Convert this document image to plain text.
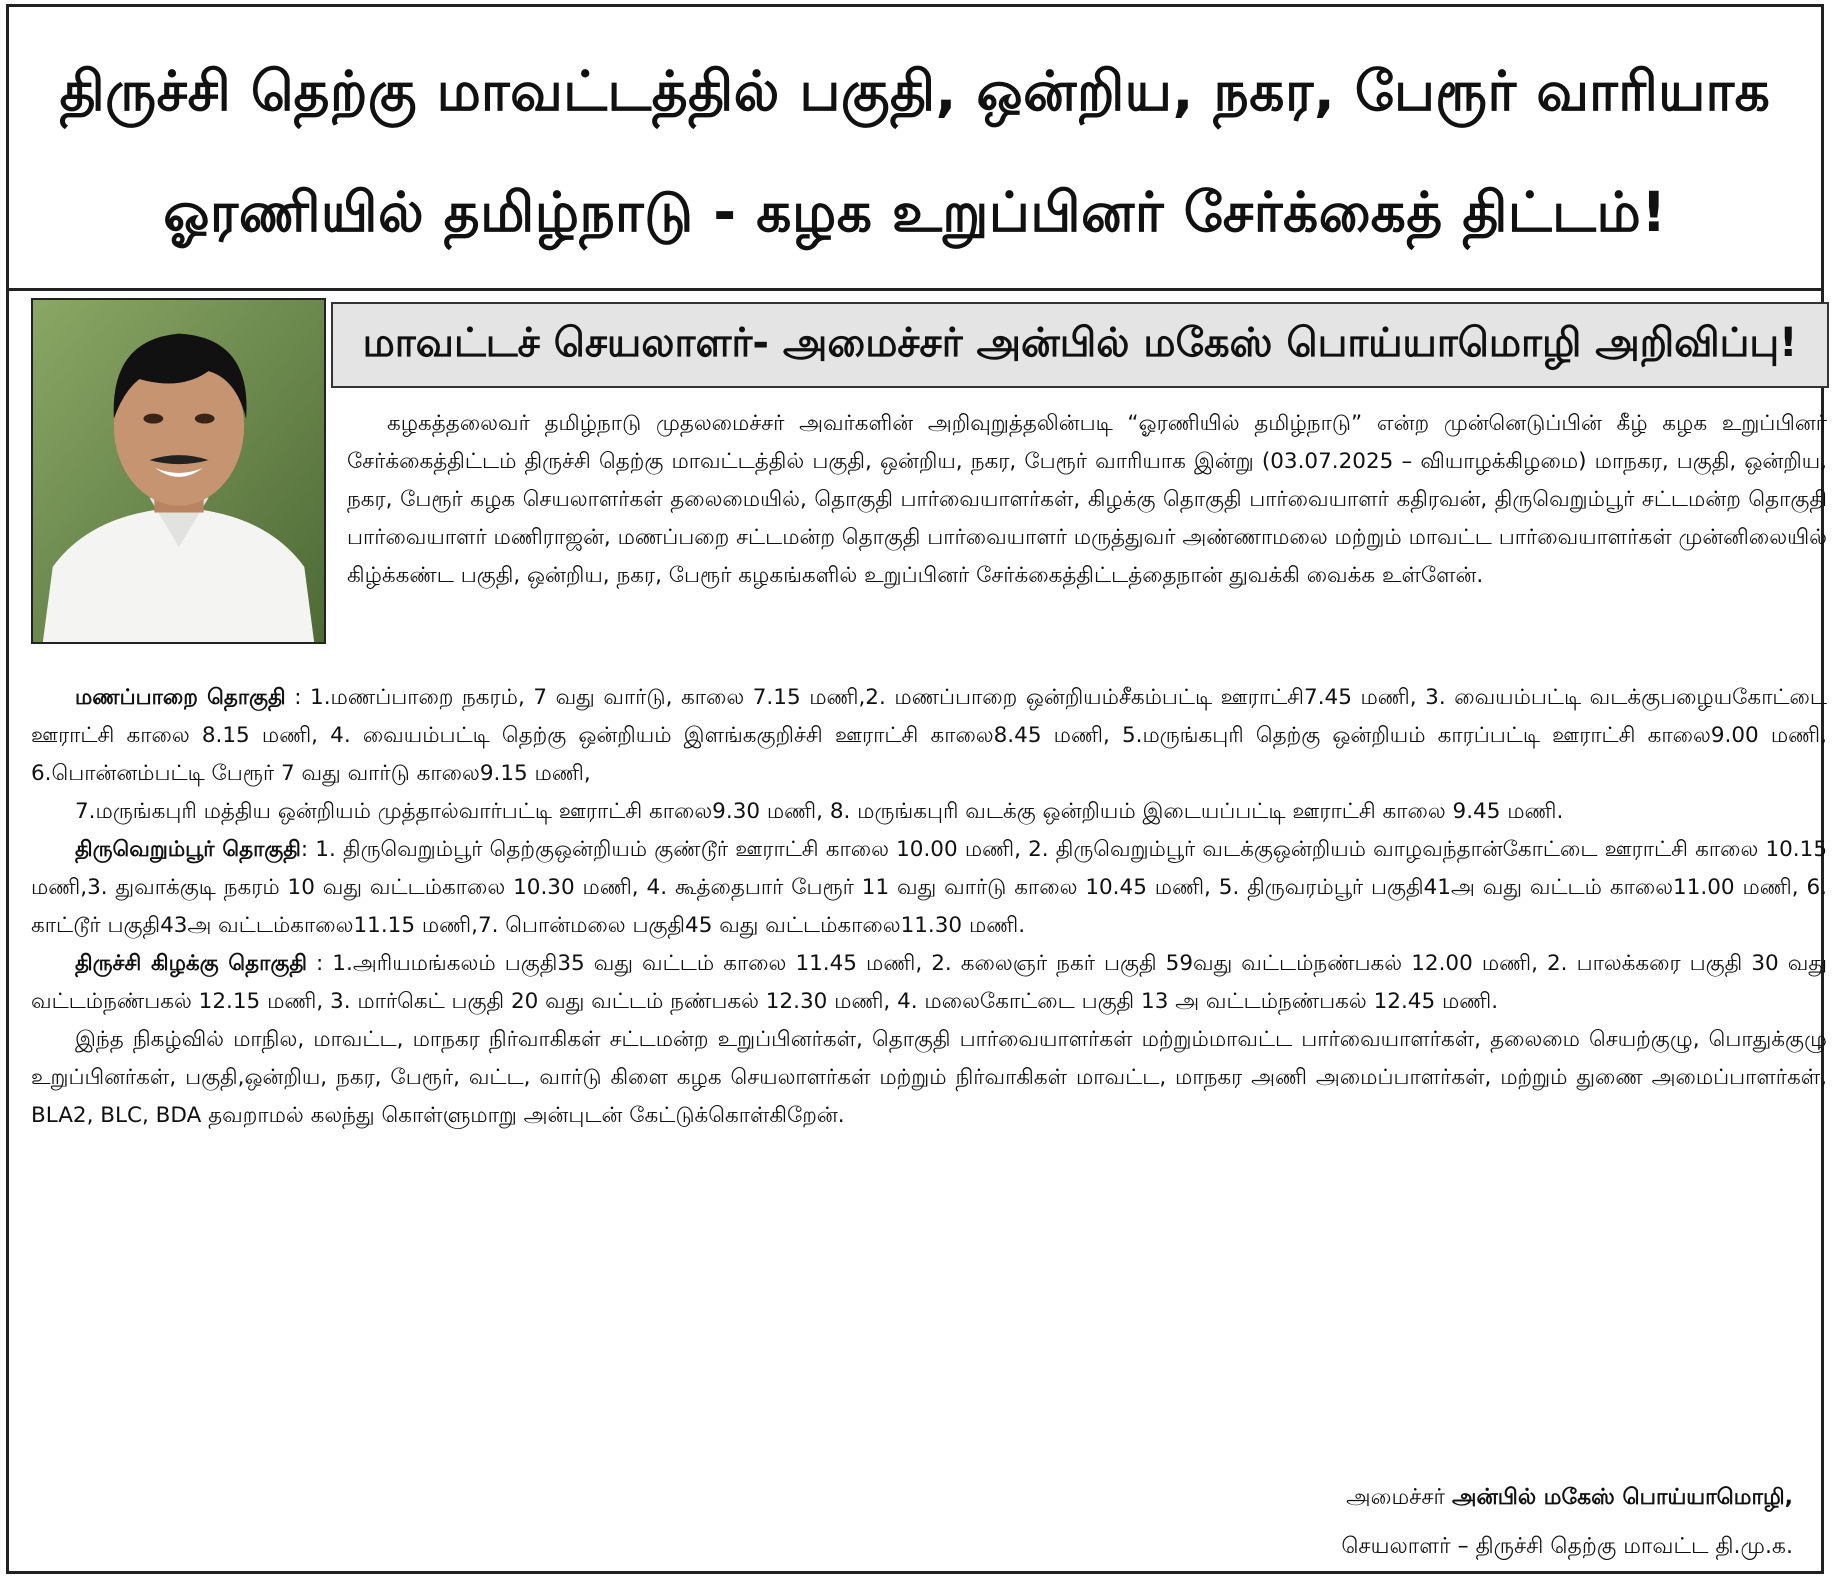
திருச்சி தெற்கு மாவட்டத்தில் பகுதி, ஒன்றிய, நகர, பேரூர் வாரியாக
ஓரணியில் தமிழ்நாடு - கழக உறுப்பினர் சேர்க்கைத் திட்டம்!
மாவட்டச் செயலாளர்- அமைச்சர் அன்பில் மகேஸ் பொய்யாமொழி அறிவிப்பு!

கழகத்தலைவர் தமிழ்நாடு முதலமைச்சர் அவர்களின் அறிவுறுத்தலின்படி “ஓரணியில் தமிழ்நாடு” என்ற முன்னெடுப்பின் கீழ் கழக உறுப்பினர் சேர்க்கைத்திட்டம் திருச்சி தெற்கு மாவட்டத்தில் பகுதி, ஒன்றிய, நகர, பேரூர் வாரியாக இன்று (03.07.2025 – வியாழக்கிழமை) மாநகர, பகுதி, ஒன்றிய, நகர, பேரூர் கழக செயலாளர்கள் தலைமையில், தொகுதி பார்வையாளர்கள், கிழக்கு தொகுதி பார்வையாளர் கதிரவன், திருவெறும்பூர் சட்டமன்ற தொகுதி பார்வையாளர் மணிராஜன், மணப்பறை சட்டமன்ற தொகுதி பார்வையாளர் மருத்துவர் அண்ணாமலை மற்றும் மாவட்ட பார்வையாளர்கள் முன்னிலையில் கிழ்க்கண்ட பகுதி, ஒன்றிய, நகர, பேரூர் கழகங்களில் உறுப்பினர் சேர்க்கைத்திட்டத்தைநான் துவக்கி வைக்க உள்ளேன்.

மணப்பாறை தொகுதி : 1.மணப்பாறை நகரம், 7 வது வார்டு, காலை 7.15 மணி,2. மணப்பாறை ஒன்றியம்சீகம்பட்டி ஊராட்சி7.45 மணி, 3. வையம்பட்டி வடக்குபழையகோட்டை ஊராட்சி காலை 8.15 மணி, 4. வையம்பட்டி தெற்கு ஒன்றியம் இளங்ககுறிச்சி ஊராட்சி காலை8.45 மணி, 5.மருங்கபுரி தெற்கு ஒன்றியம் காரப்பட்டி ஊராட்சி காலை9.00 மணி, 6.பொன்னம்பட்டி பேரூர் 7 வது வார்டு காலை9.15 மணி,

7.மருங்கபுரி மத்திய ஒன்றியம் முத்தால்வார்பட்டி ஊராட்சி காலை9.30 மணி, 8. மருங்கபுரி வடக்கு ஒன்றியம் இடையப்பட்டி ஊராட்சி காலை 9.45 மணி.

திருவெறும்பூர் தொகுதி: 1. திருவெறும்பூர் தெற்குஒன்றியம் குண்டூர் ஊராட்சி காலை 10.00 மணி, 2. திருவெறும்பூர் வடக்குஒன்றியம் வாழவந்தான்கோட்டை ஊராட்சி காலை 10.15 மணி,3. துவாக்குடி நகரம் 10 வது வட்டம்காலை 10.30 மணி, 4. கூத்தைபார் பேரூர் 11 வது வார்டு காலை 10.45 மணி, 5. திருவரம்பூர் பகுதி41அ வது வட்டம் காலை11.00 மணி, 6. காட்டூர் பகுதி43அ வட்டம்காலை11.15 மணி,7. பொன்மலை பகுதி45 வது வட்டம்காலை11.30 மணி.

திருச்சி கிழக்கு தொகுதி : 1.அரியமங்கலம் பகுதி35 வது வட்டம் காலை 11.45 மணி, 2. கலைஞர் நகர் பகுதி 59வது வட்டம்நண்பகல் 12.00 மணி, 2. பாலக்கரை பகுதி 30 வது வட்டம்நண்பகல் 12.15 மணி, 3. மார்கெட் பகுதி 20 வது வட்டம் நண்பகல் 12.30 மணி, 4. மலைகோட்டை பகுதி 13 அ வட்டம்நண்பகல் 12.45 மணி.

இந்த நிகழ்வில் மாநில, மாவட்ட, மாநகர நிர்வாகிகள் சட்டமன்ற உறுப்பினர்கள், தொகுதி பார்வையாளர்கள் மற்றும்மாவட்ட பார்வையாளர்கள், தலைமை செயற்குழு, பொதுக்குழு உறுப்பினர்கள், பகுதி,ஒன்றிய, நகர, பேரூர், வட்ட, வார்டு கிளை கழக செயலாளர்கள் மற்றும் நிர்வாகிகள் மாவட்ட, மாநகர அணி அமைப்பாளர்கள், மற்றும் துணை அமைப்பாளர்கள், BLA2, BLC, BDA தவறாமல் கலந்து கொள்ளுமாறு அன்புடன் கேட்டுக்கொள்கிறேன்.

அமைச்சர் அன்பில் மகேஸ் பொய்யாமொழி,
செயலாளர் – திருச்சி தெற்கு மாவட்ட தி.மு.க.
